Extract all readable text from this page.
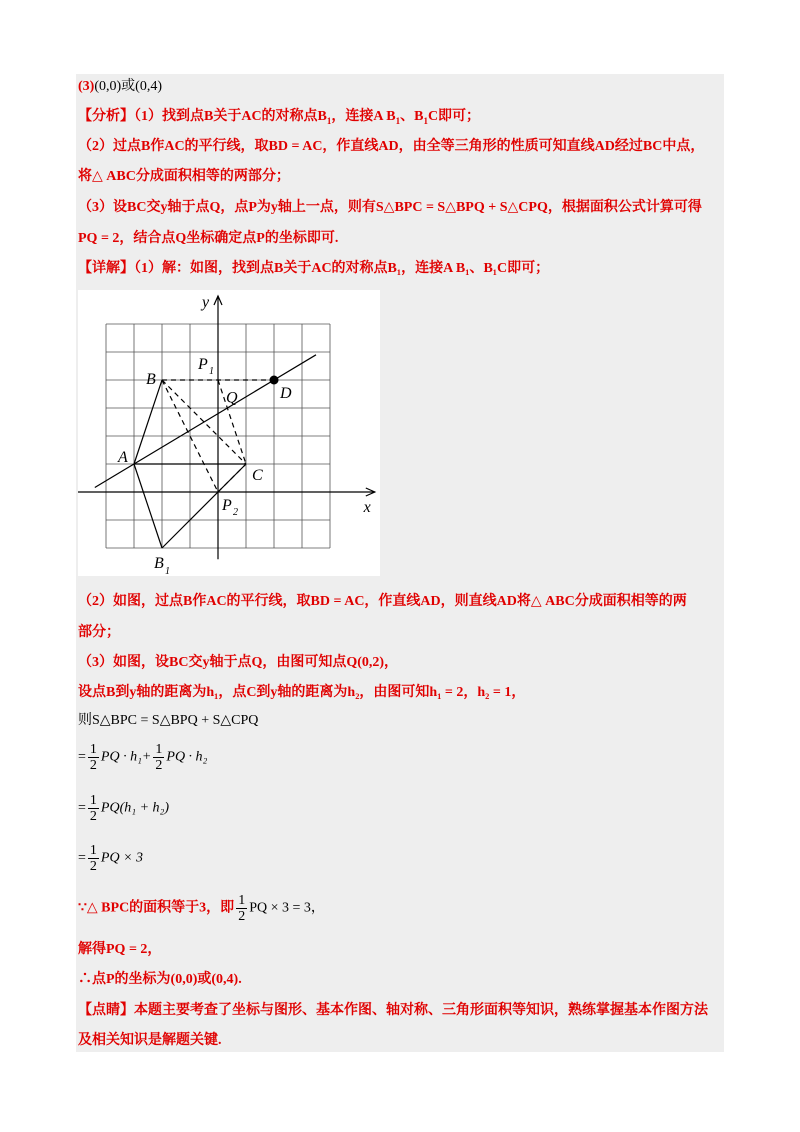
(3)(0,0)或(0,4)
【分析】（1）找到点B关于AC的对称点$B_1$，连接A $B_1$、$B_1C$即可；
（2）过点B作AC的平行线，取BD = AC，作直线AD，由全等三角形的性质可知直线AD经过BC中点，
将△ ABC分成面积相等的两部分；
（3）设BC交y轴于点Q，点P为y轴上一点，则有S△BPC = S△BPQ + S△CPQ，根据面积公式计算可得
PQ = 2，结合点Q坐标确定点P的坐标即可.
【详解】（1）解：如图，找到点B关于AC的对称点B₁，连接A B₁、B₁C即可；
y
x
B
P 1
Q	D
A
C
P 2
B 1
（2）如图，过点B作AC的平行线，取BD = AC，作直线AD，则直线AD将△ ABC分成面积相等的两
部分；
（3）如图，设BC交y轴于点Q，由图可知点Q(0,2)，
设点B到y轴的距离为h₁，点C到y轴的距离为h₂，由图可知h₁ = 2，h₂ = 1，
则S△BPC = S△BPQ + S△CPQ
= $\frac{1}{2}$ PQ · $h_1+ \frac{1}{2}$ PQ · h₂
= $\frac{1}{2} PQ(h_1 + h_2)$
= $\frac{1}{2}$ PQ × 3
∵△ BPC的面积等于3，即 $\frac{1}{2}$ PQ × 3 = 3，
解得PQ = 2，
∴点P的坐标为(0,0)或(0,4).
【点睛】本题主要考查了坐标与图形、基本作图、轴对称、三角形面积等知识，熟练掌握基本作图方法
及相关知识是解题关键.
